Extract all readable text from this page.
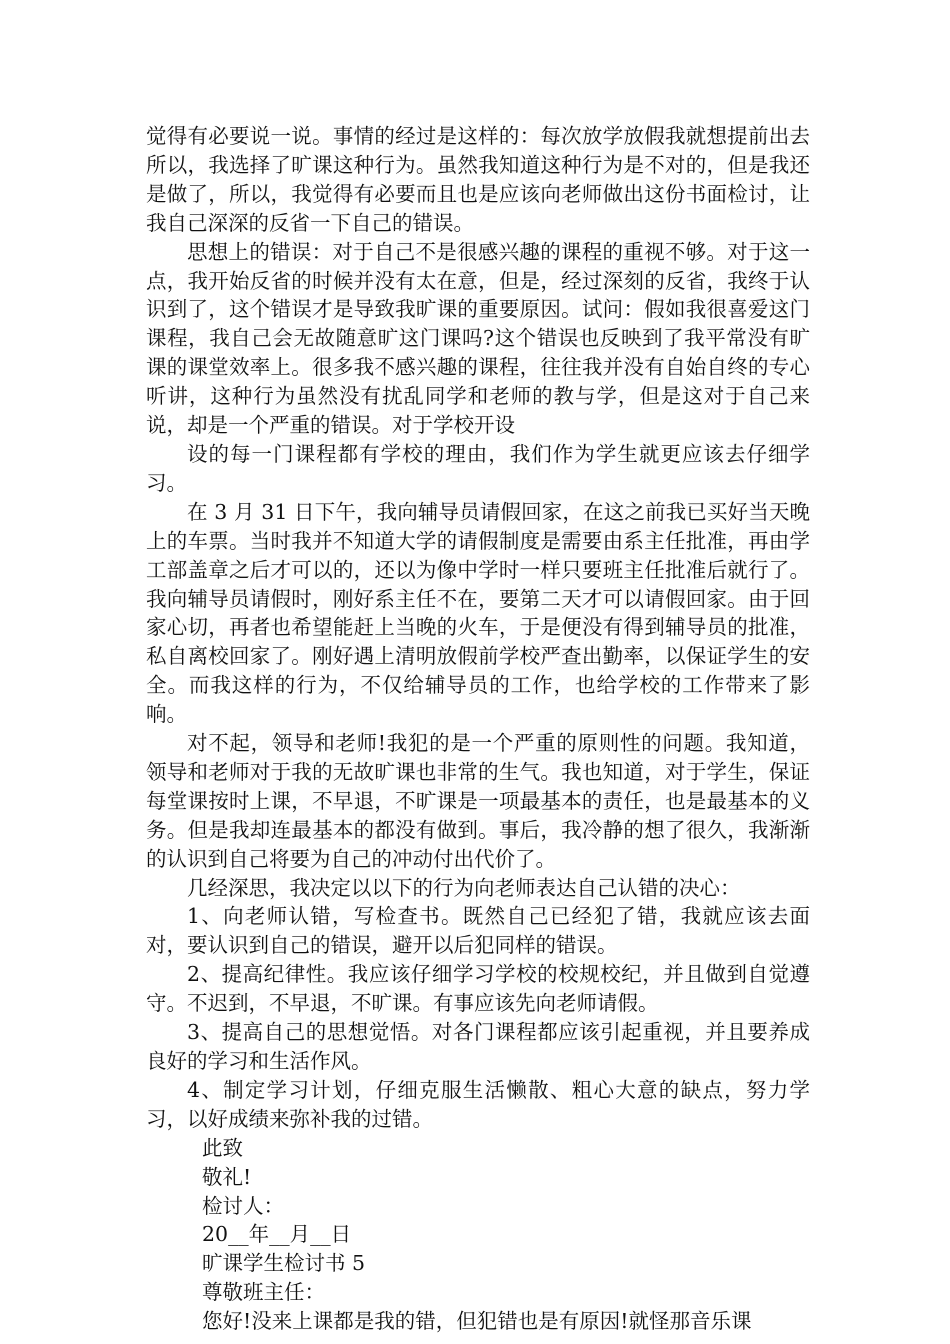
觉得有必要说一说。事情的经过是这样的：每次放学放假我就想提前出去所以，我选择了旷课这种行为。虽然我知道这种行为是不对的，但是我还是做了，所以，我觉得有必要而且也是应该向老师做出这份书面检讨，让我自己深深的反省一下自己的错误。

思想上的错误：对于自己不是很感兴趣的课程的重视不够。对于这一点，我开始反省的时候并没有太在意，但是，经过深刻的反省，我终于认识到了，这个错误才是导致我旷课的重要原因。试问：假如我很喜爱这门课程，我自己会无故随意旷这门课吗?这个错误也反映到了我平常没有旷课的课堂效率上。很多我不感兴趣的课程，往往我并没有自始自终的专心听讲，这种行为虽然没有扰乱同学和老师的教与学，但是这对于自己来说，却是一个严重的错误。对于学校开设

设的每一门课程都有学校的理由，我们作为学生就更应该去仔细学习。

在 3 月 31 日下午，我向辅导员请假回家，在这之前我已买好当天晚上的车票。当时我并不知道大学的请假制度是需要由系主任批准，再由学工部盖章之后才可以的，还以为像中学时一样只要班主任批准后就行了。我向辅导员请假时，刚好系主任不在，要第二天才可以请假回家。由于回家心切，再者也希望能赶上当晚的火车，于是便没有得到辅导员的批准，私自离校回家了。刚好遇上清明放假前学校严查出勤率，以保证学生的安全。而我这样的行为，不仅给辅导员的工作，也给学校的工作带来了影响。

对不起，领导和老师!我犯的是一个严重的原则性的问题。我知道，领导和老师对于我的无故旷课也非常的生气。我也知道，对于学生，保证每堂课按时上课，不早退，不旷课是一项最基本的责任，也是最基本的义务。但是我却连最基本的都没有做到。事后，我冷静的想了很久，我渐渐的认识到自己将要为自己的冲动付出代价了。

几经深思，我决定以以下的行为向老师表达自己认错的决心：

1、向老师认错，写检查书。既然自己已经犯了错，我就应该去面对，要认识到自己的错误，避开以后犯同样的错误。

2、提高纪律性。我应该仔细学习学校的校规校纪，并且做到自觉遵守。不迟到，不早退，不旷课。有事应该先向老师请假。

3、提高自己的思想觉悟。对各门课程都应该引起重视，并且要养成良好的学习和生活作风。

4、制定学习计划，仔细克服生活懒散、粗心大意的缺点，努力学习，以好成绩来弥补我的过错。

此致

敬礼!

检讨人：

20__年__月__日

旷课学生检讨书 5

尊敬班主任：

您好!没来上课都是我的错，但犯错也是有原因!就怪那音乐课
